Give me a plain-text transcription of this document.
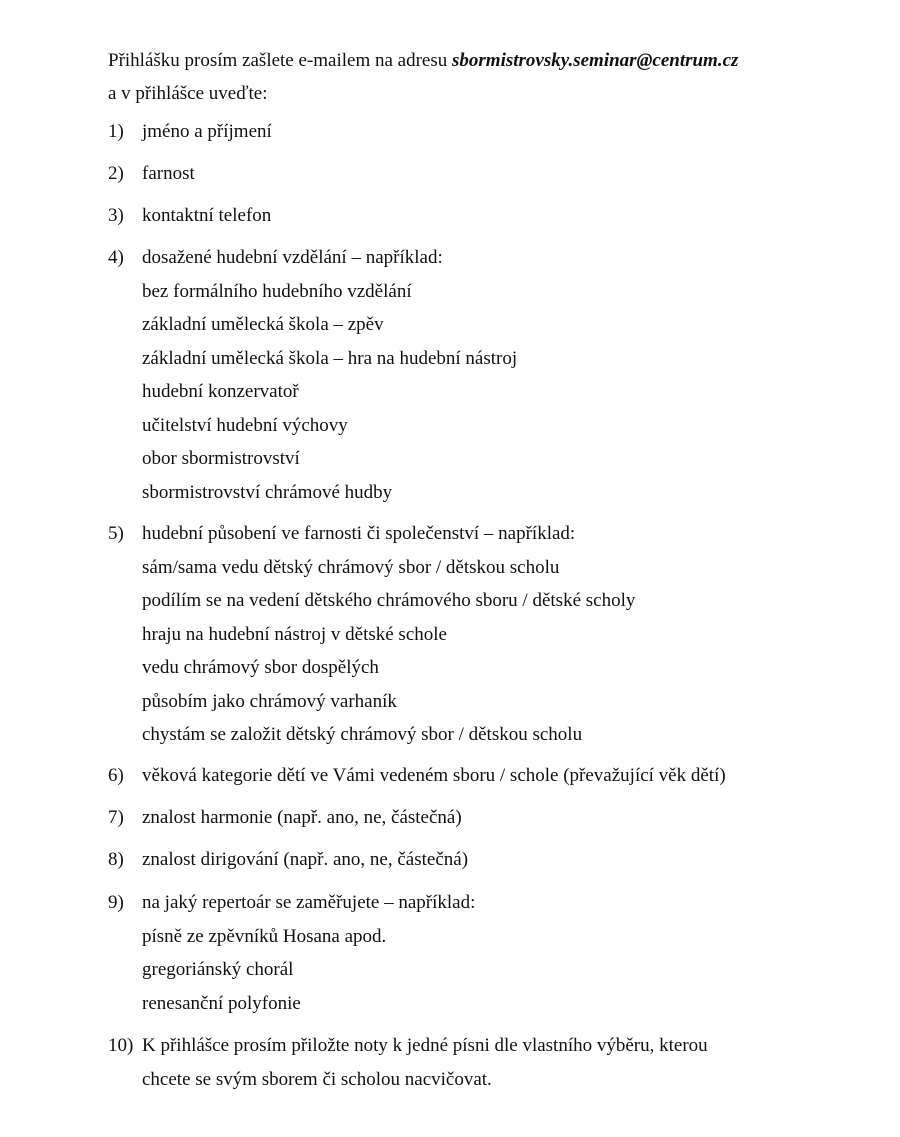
Přihlášku prosím zašlete e-mailem na adresu sbormistrovsky.seminar@centrum.cz
a v přihlášce uveďte:
1) jméno a příjmení
2) farnost
3) kontaktní telefon
4) dosažené hudební vzdělání – například:
bez formálního hudebního vzdělání
základní umělecká škola – zpěv
základní umělecká škola – hra na hudební nástroj
hudební konzervatoř
učitelství hudební výchovy
obor sbormistrovství
sbormistrovství chrámové hudby
5) hudební působení ve farnosti či společenství – například:
sám/sama vedu dětský chrámový sbor / dětskou scholu
podílím se na vedení dětského chrámového sboru / dětské scholy
hraju na hudební nástroj v dětské schole
vedu chrámový sbor dospělých
působím jako chrámový varhaník
chystám se založit dětský chrámový sbor / dětskou scholu
6) věková kategorie dětí ve Vámi vedeném sboru / schole (převažující věk dětí)
7) znalost harmonie (např. ano, ne, částečná)
8) znalost dirigování (např. ano, ne, částečná)
9) na jaký repertoár se zaměřujete – například:
písně ze zpěvníků Hosana apod.
gregoriánský chorál
renesanční polyfonie
10) K přihlášce prosím přiložte noty k jedné písni dle vlastního výběru, kterou
chcete se svým sborem či scholou nacvičovat.
